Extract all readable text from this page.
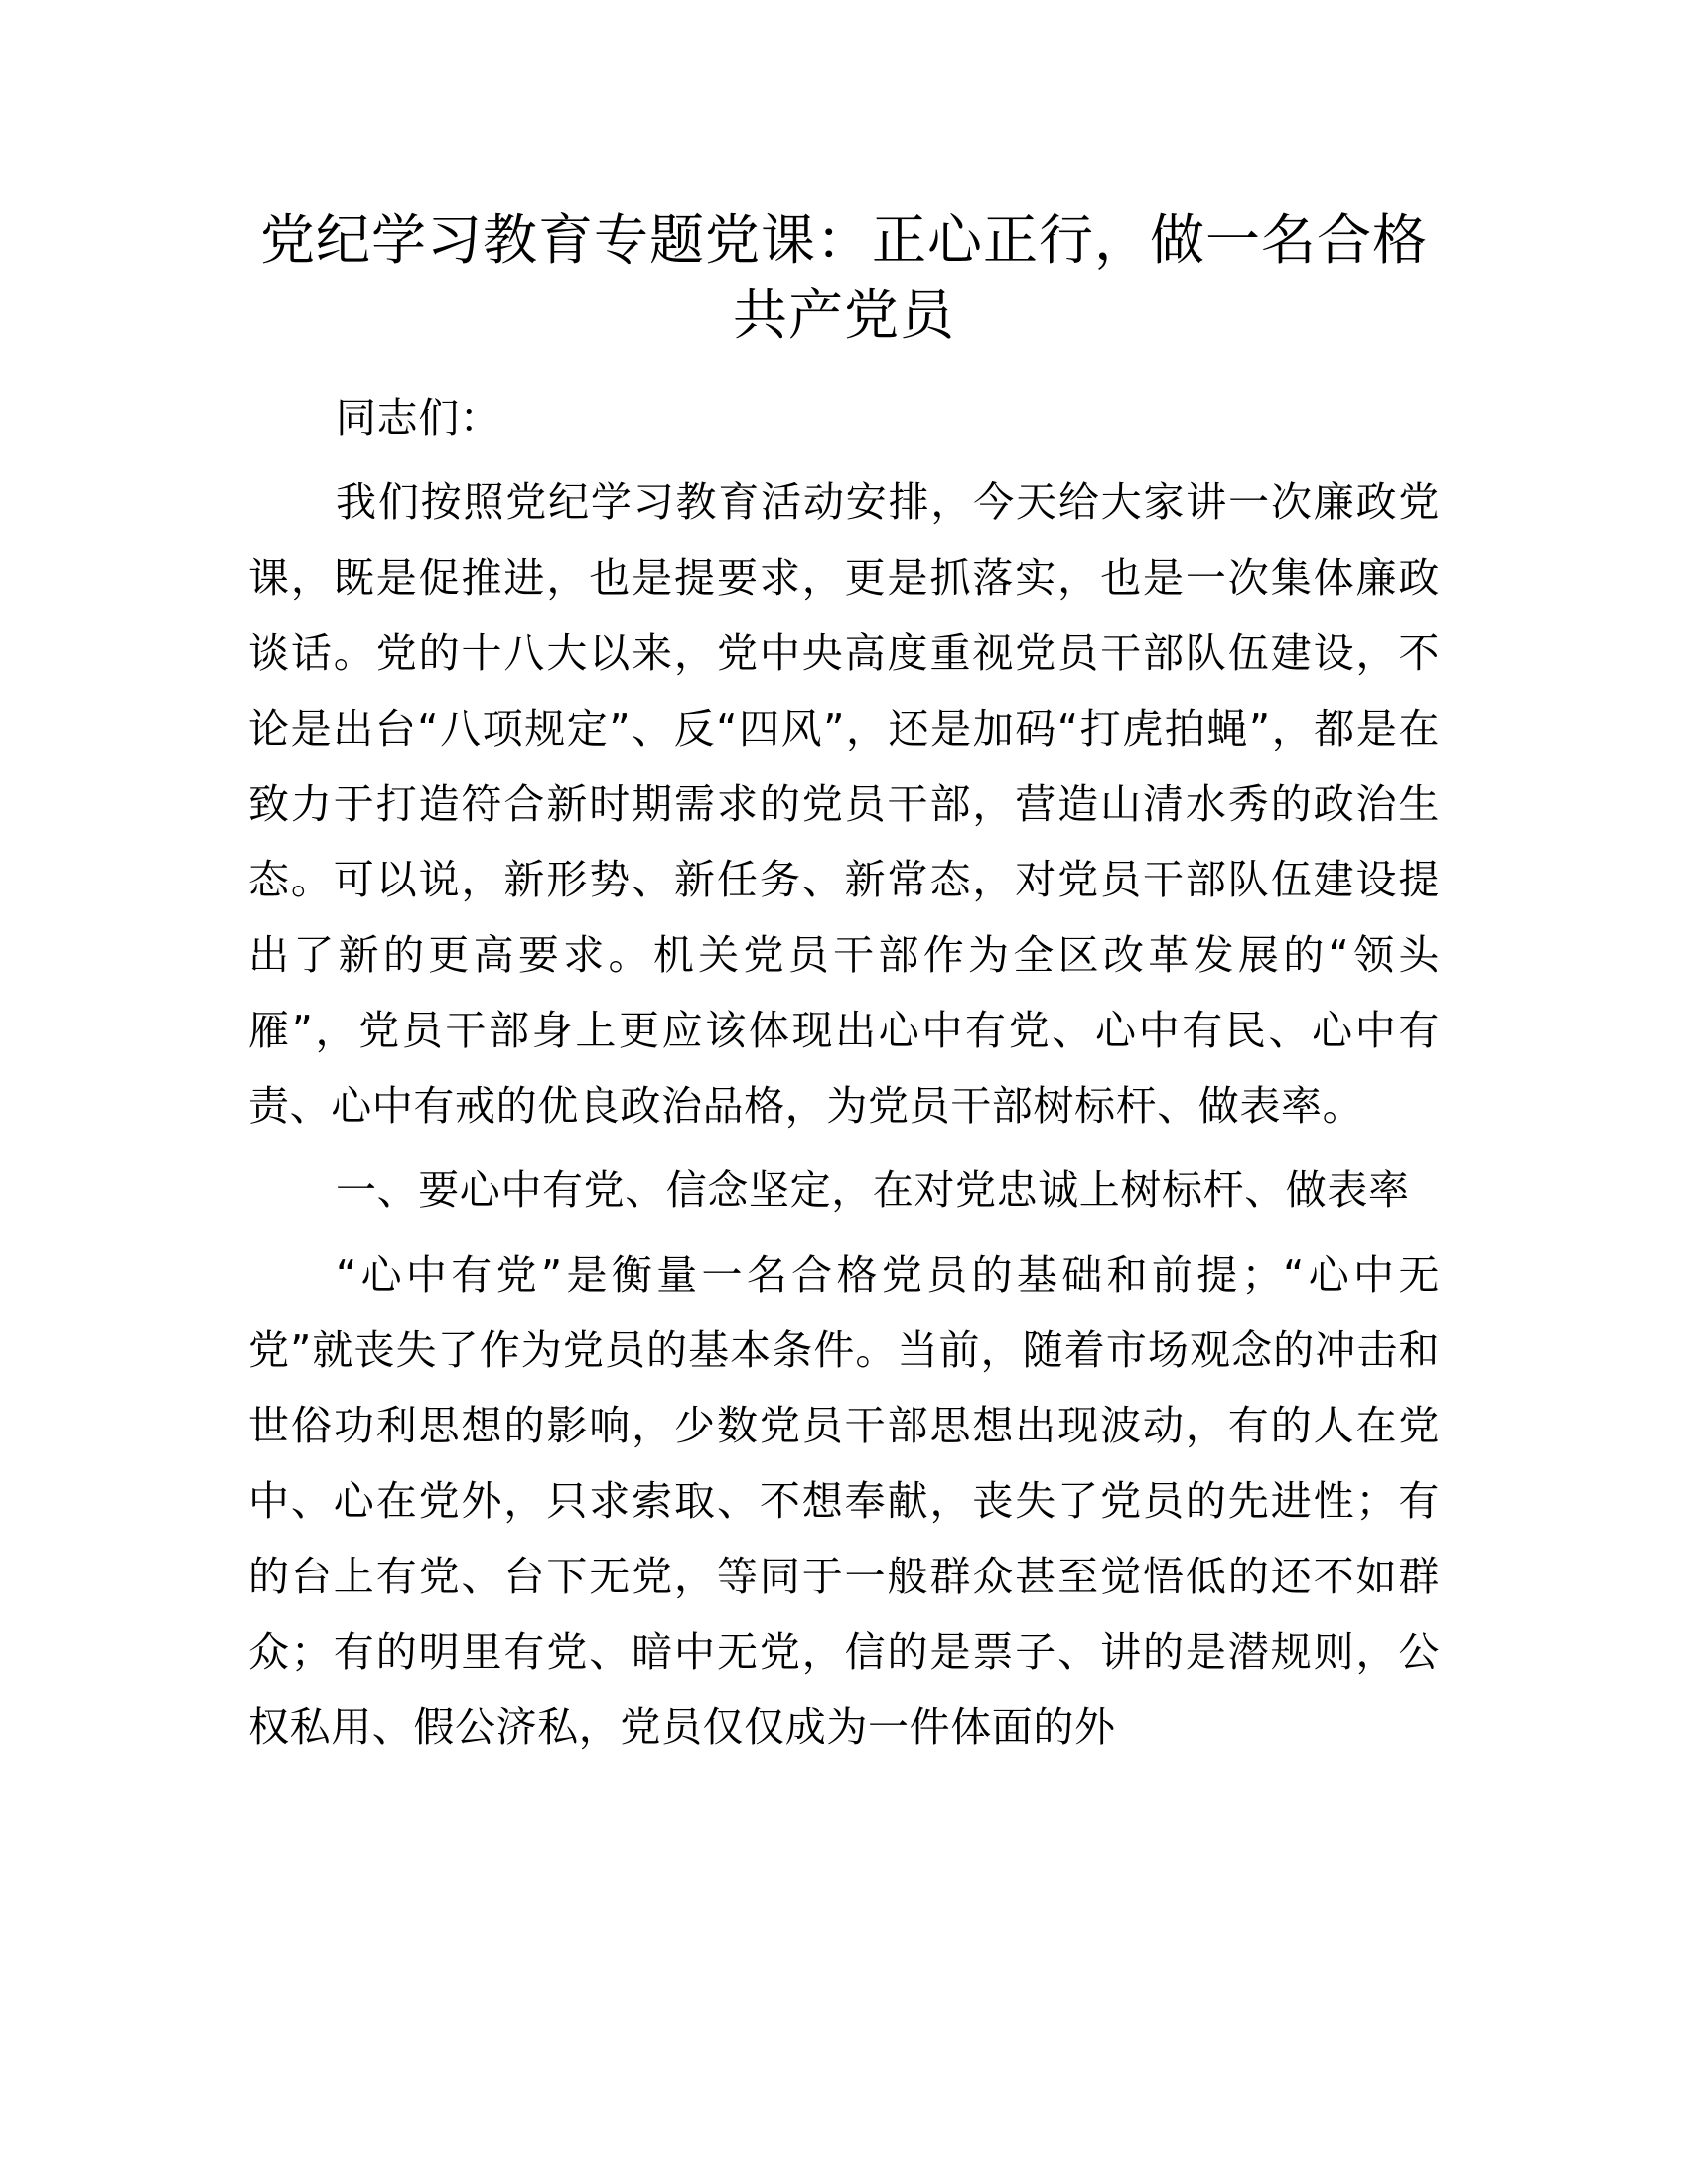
党纪学习教育专题党课：正心正行，做一名合格共产党员

同志们：

我们按照党纪学习教育活动安排，今天给大家讲一次廉政党课，既是促推进，也是提要求，更是抓落实，也是一次集体廉政谈话。党的十八大以来，党中央高度重视党员干部队伍建设，不论是出台“八项规定”、反“四风”，还是加码“打虎拍蝇”，都是在致力于打造符合新时期需求的党员干部，营造山清水秀的政治生态。可以说，新形势、新任务、新常态，对党员干部队伍建设提出了新的更高要求。机关党员干部作为全区改革发展的“领头雁”，党员干部身上更应该体现出心中有党、心中有民、心中有责、心中有戒的优良政治品格，为党员干部树标杆、做表率。

一、要心中有党、信念坚定，在对党忠诚上树标杆、做表率

“心中有党”是衡量一名合格党员的基础和前提；“心中无党”就丧失了作为党员的基本条件。当前，随着市场观念的冲击和世俗功利思想的影响，少数党员干部思想出现波动，有的人在党中、心在党外，只求索取、不想奉献，丧失了党员的先进性；有的台上有党、台下无党，等同于一般群众甚至觉悟低的还不如群众；有的明里有党、暗中无党，信的是票子、讲的是潜规则，公权私用、假公济私，党员仅仅成为一件体面的外
